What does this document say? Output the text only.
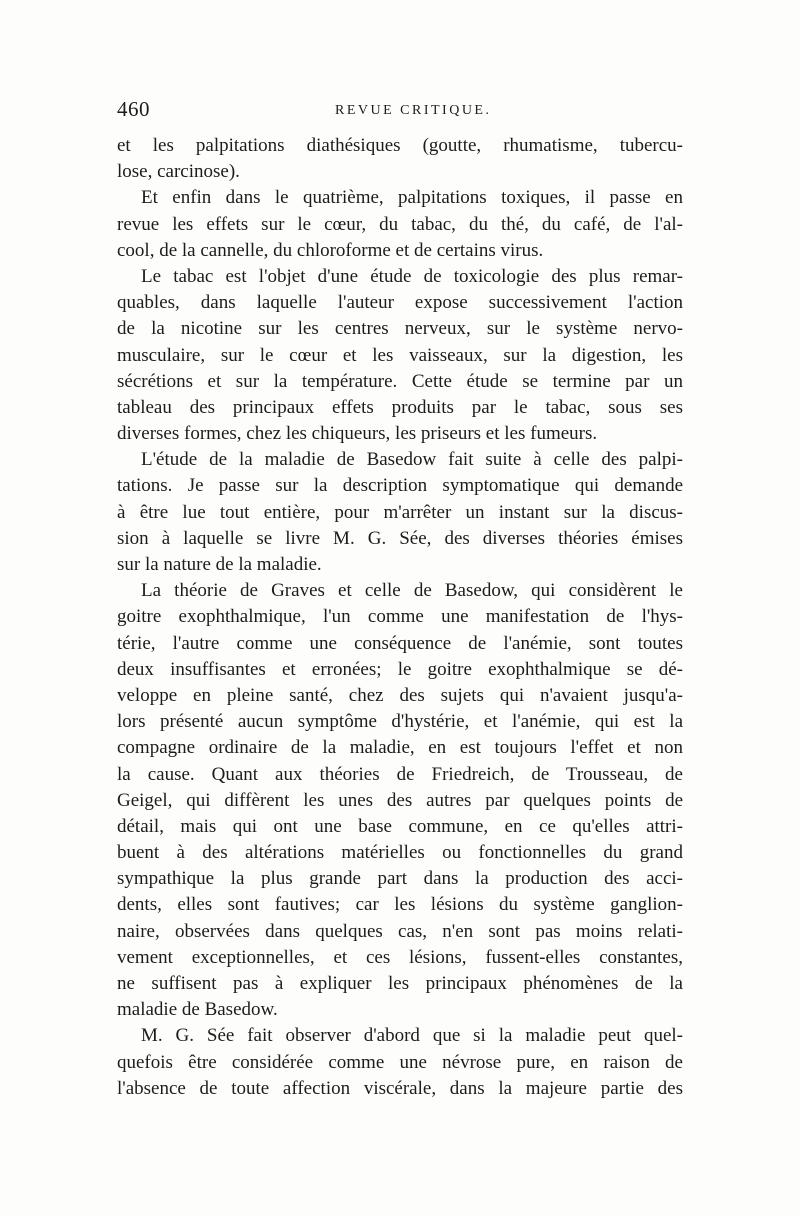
460	REVUE CRITIQUE.
et les palpitations diathésiques (goutte, rhumatisme, tubercu-
lose, carcinose).
Et enfin dans le quatrième, palpitations toxiques, il passe en
revue les effets sur le cœur, du tabac, du thé, du café, de l'al-
cool, de la cannelle, du chloroforme et de certains virus.
Le tabac est l'objet d'une étude de toxicologie des plus remar-
quables, dans laquelle l'auteur expose successivement l'action
de la nicotine sur les centres nerveux, sur le système nervo-
musculaire, sur le cœur et les vaisseaux, sur la digestion, les
sécrétions et sur la température. Cette étude se termine par un
tableau des principaux effets produits par le tabac, sous ses
diverses formes, chez les chiqueurs, les priseurs et les fumeurs.
L'étude de la maladie de Basedow fait suite à celle des palpi-
tations. Je passe sur la description symptomatique qui demande
à être lue tout entière, pour m'arrêter un instant sur la discus-
sion à laquelle se livre M. G. Sée, des diverses théories émises
sur la nature de la maladie.
La théorie de Graves et celle de Basedow, qui considèrent le
goitre exophthalmique, l'un comme une manifestation de l'hys-
térie, l'autre comme une conséquence de l'anémie, sont toutes
deux insuffisantes et erronées; le goitre exophthalmique se dé-
veloppe en pleine santé, chez des sujets qui n'avaient jusqu'a-
lors présenté aucun symptôme d'hystérie, et l'anémie, qui est la
compagne ordinaire de la maladie, en est toujours l'effet et non
la cause. Quant aux théories de Friedreich, de Trousseau, de
Geigel, qui diffèrent les unes des autres par quelques points de
détail, mais qui ont une base commune, en ce qu'elles attri-
buent à des altérations matérielles ou fonctionnelles du grand
sympathique la plus grande part dans la production des acci-
dents, elles sont fautives; car les lésions du système ganglion-
naire, observées dans quelques cas, n'en sont pas moins relati-
vement exceptionnelles, et ces lésions, fussent-elles constantes,
ne suffisent pas à expliquer les principaux phénomènes de la
maladie de Basedow.
M. G. Sée fait observer d'abord que si la maladie peut quel-
quefois être considérée comme une névrose pure, en raison de
l'absence de toute affection viscérale, dans la majeure partie des
